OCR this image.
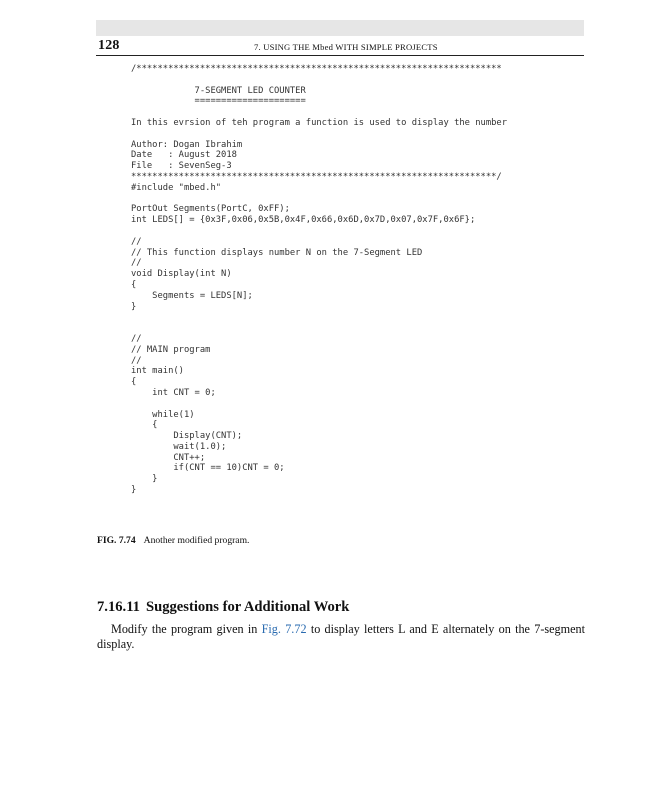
128	7. USING THE Mbed WITH SIMPLE PROJECTS
/*********************************************************************

7-SEGMENT LED COUNTER
=====================

In this evrsion of teh program a function is used to display the number

Author: Dogan Ibrahim
Date   : August 2018
File   : SevenSeg-3
*********************************************************************/
#include "mbed.h"

PortOut Segments(PortC, 0xFF);
int LEDS[] = {0x3F,0x06,0x5B,0x4F,0x66,0x6D,0x7D,0x07,0x7F,0x6F};

//
// This function displays number N on the 7-Segment LED
//
void Display(int N)
{
Segments = LEDS[N];
}

//
// MAIN program
//
int main()
{
int CNT = 0;

while(1)
{
Display(CNT);
wait(1.0);
CNT++;
if(CNT == 10)CNT = 0;
}
}

FIG. 7.74 Another modified program.
7.16.11 Suggestions for Additional Work

Modify the program given in Fig. 7.72 to display letters L and E alternately on the 7-segment display.
